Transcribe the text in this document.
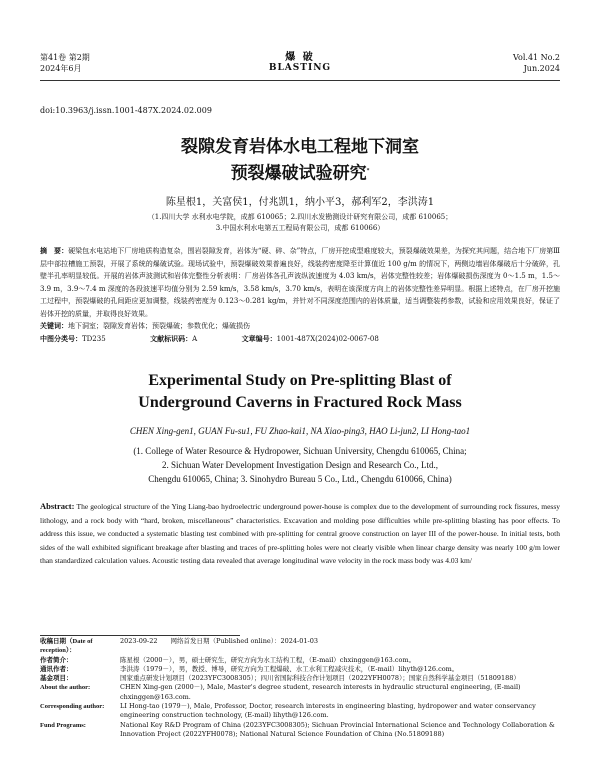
第41卷 第2期
2024年6月
爆 破
BLASTING
Vol.41 No.2
Jun.2024
doi:10.3963/j.issn.1001-487X.2024.02.009
裂隙发育岩体水电工程地下洞室
预裂爆破试验研究*
陈星根1，关富侯1，付兆凯1，纳小平3，郝利军2，李洪涛1
（1.四川大学 水利水电学院，成都 610065；2.四川水发勘测设计研究有限公司，成都 610065；
3.中国水利水电第五工程局有限公司，成都 610066）
摘　要：硬梁包水电站地下厂房地质构造复杂，围岩裂隙发育，岩体为“硬、碎、杂”特点，厂房开挖成型难度较大，预裂爆破效果差，为探究其问题，结合地下厂房第Ⅲ层中部拉槽施工预裂，开展了系统的爆破试验。现场试验中，预裂爆破效果普遍良好，线装药密度降至计算值近 100 g/m 的情况下，两侧边墙岩体爆破后十分破碎，孔壁半孔率明显较低。开展的岩体声波测试和岩体完整性分析表明：厂房岩体各孔声波纵波速度为 4.03 km/s，岩体完整性较差；岩体爆破损伤深度为 0～1.5 m，1.5～3.9 m，3.9～7.4 m 深度的各段波速平均值分别为 2.59 km/s，3.58 km/s，3.70 km/s，表明在该深度方向上的岩体完整性差异明显。根据上述特点，在厂房开挖施工过程中，预裂爆破的孔间距应更加调整，线装药密度为 0.123～0.281 kg/m，并针对不同深度范围内的岩体质量，适当调整装药参数，试验和应用效果良好，保证了岩体开挖的质量，并取得良好效果。
关键词：地下洞室；裂隙发育岩体；预裂爆破；参数优化；爆破损伤
中图分类号：TD235	文献标识码：A	文章编号：1001-487X(2024)02-0067-08
Experimental Study on Pre-splitting Blast of
Underground Caverns in Fractured Rock Mass
CHEN Xing-gen1, GUAN Fu-su1, FU Zhao-kai1, NA Xiao-ping3, HAO Li-jun2, LI Hong-tao1
(1. College of Water Resource & Hydropower, Sichuan University, Chengdu 610065, China;
2. Sichuan Water Development Investigation Design and Research Co., Ltd.,
Chengdu 610065, China; 3. Sinohydro Bureau 5 Co., Ltd., Chengdu 610066, China)
Abstract: The geological structure of the Ying Liang-bao hydroelectric underground power-house is complex due to the development of surrounding rock fissures, messy lithology, and a rock body with “hard, broken, miscellaneous” characteristics. Excavation and molding pose difficulties while pre-splitting blasting has poor effects. To address this issue, we conducted a systematic blasting test combined with pre-splitting for central groove construction on layer III of the power-house. In initial tests, both sides of the wall exhibited significant breakage after blasting and traces of pre-splitting holes were not clearly visible when linear charge density was nearly 100 g/m lower than standardized calculation values. Acoustic testing data revealed that average longitudinal wave velocity in the rock mass body was 4.03 km/
收稿日期（Date of reception）：
2023-09-22　　网络首发日期（Published online）：2024-01-03
作者简介：	陈星根（2000－），男，硕士研究生，研究方向为水工结构工程，（E-mail）chxinggen@163.com。
通讯作者：	李洪涛（1979－），男，教授、博导，研究方向为工程爆破、水工水利工程减灾技术，（E-mail）lihyth@126.com。
基金项目：	国家重点研发计划项目（2023YFC3008305）；四川省国际科技合作计划项目（2022YFH0078）；国家自然科学基金项目（51809188）
About the author:	CHEN Xing-gen (2000－), Male, Master's degree student, research interests in hydraulic structural engineering, (E-mail) chxinggen@163.com.
Corresponding author:	LI Hong-tao (1979－), Male, Professor, Doctor, research interests in engineering blasting, hydropower and water conservancy engineering construction technology, (E-mail) lihyth@126.com.
Fund Programs:	National Key R&D Program of China (2023YFC3008305); Sichuan Provincial International Science and Technology Collaboration & Innovation Project (2022YFH0078); National Natural Science Foundation of China (No.51809188)
